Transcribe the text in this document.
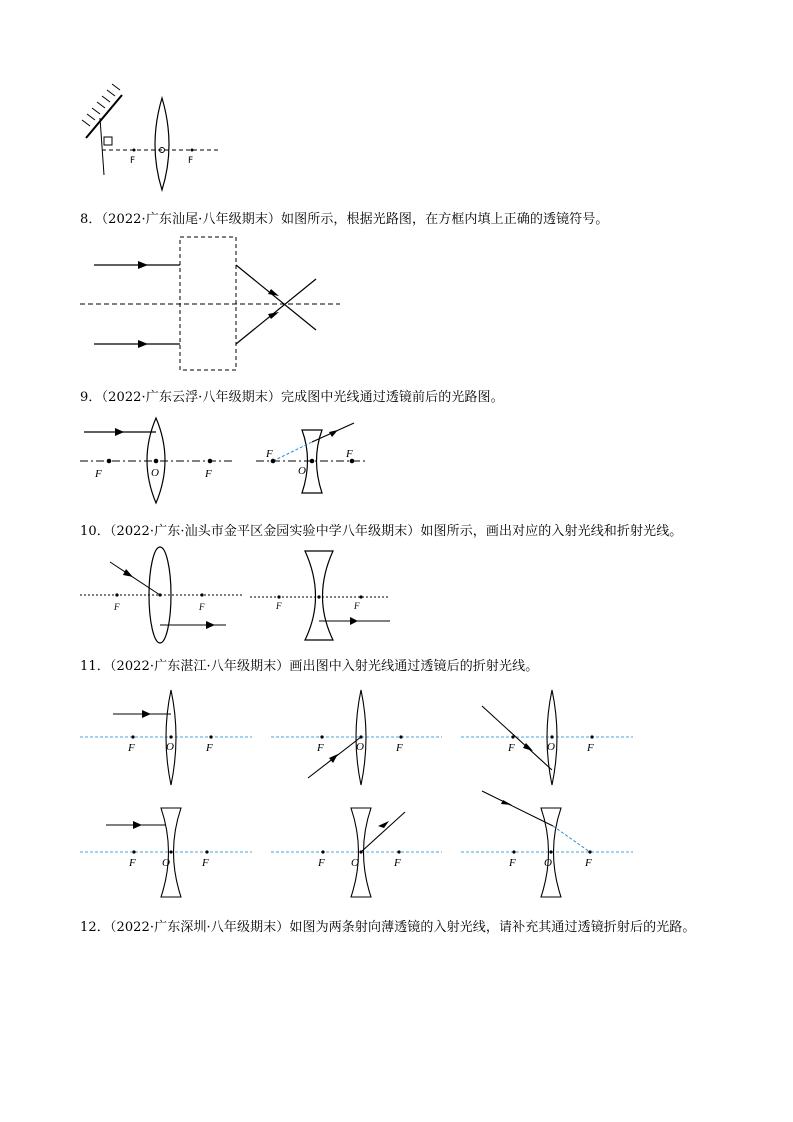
8．（2022·广东汕尾·八年级期末）如图所示，根据光路图，在方框内填上正确的透镜符号。
9．（2022·广东云浮·八年级期末）完成图中光线通过透镜前后的光路图。
10．（2022·广东·汕头市金平区金园实验中学八年级期末）如图所示，画出对应的入射光线和折射光线。
11．（2022·广东湛江·八年级期末）画出图中入射光线通过透镜后的折射光线。
12．（2022·广东深圳·八年级期末）如图为两条射向薄透镜的入射光线，请补充其通过透镜折射后的光路。
F	F
F	O	F
F
O
F
F	F	F	F
F	O	F	F	O	F	F	O	F
F O	F	F O	F	F	O	F
